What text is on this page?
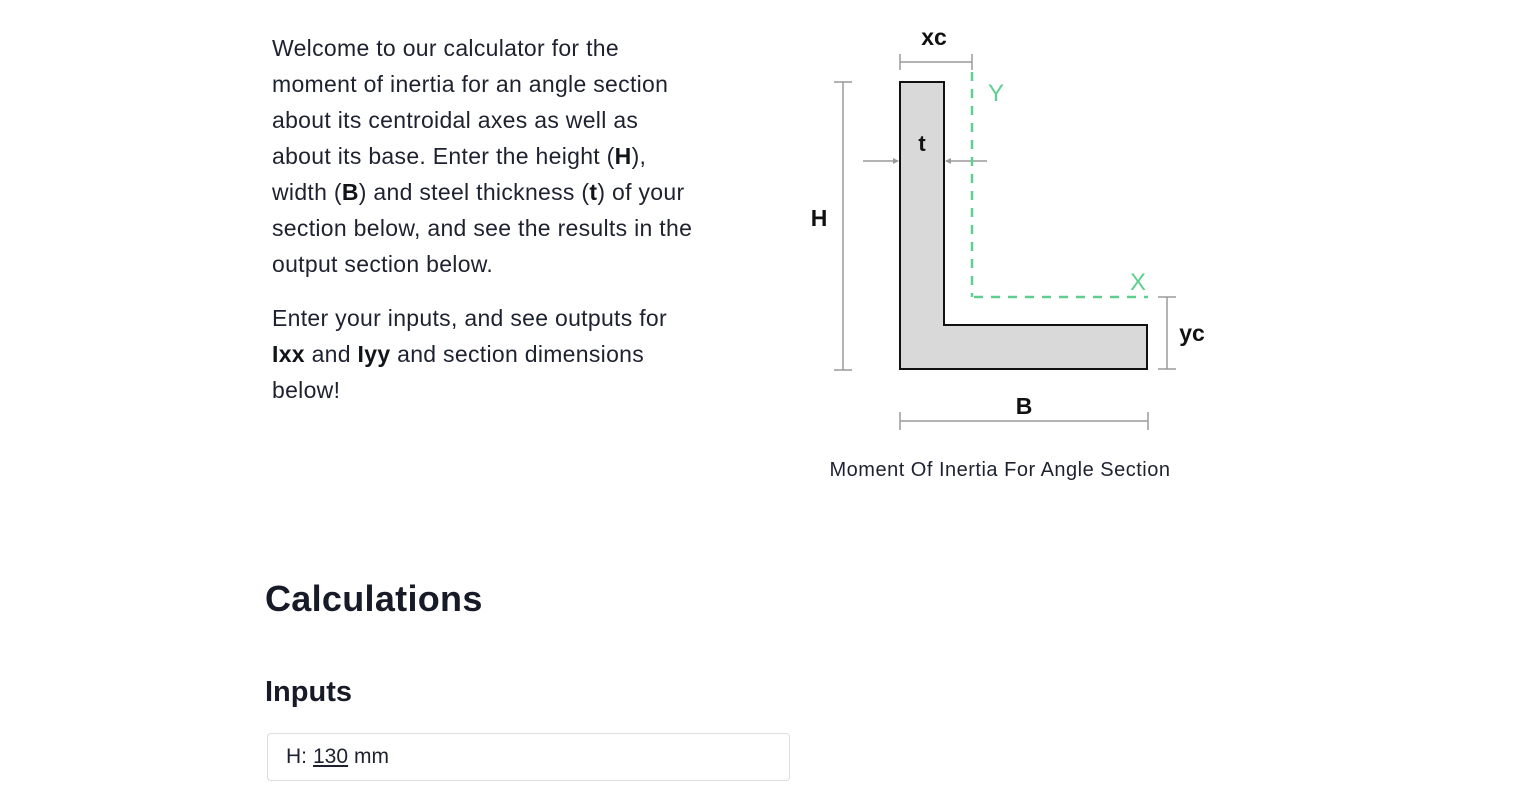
Welcome to our calculator for the moment of inertia for an angle section about its centroidal axes as well as about its base. Enter the height (H), width (B) and steel thickness (t) of your section below, and see the results in the output section below.

Enter your inputs, and see outputs for Ixx and Iyy and section dimensions below!

xc
H
t
Y
X
yc
B
Moment Of Inertia For Angle Section
Calculations
Inputs
H: 130 mm
